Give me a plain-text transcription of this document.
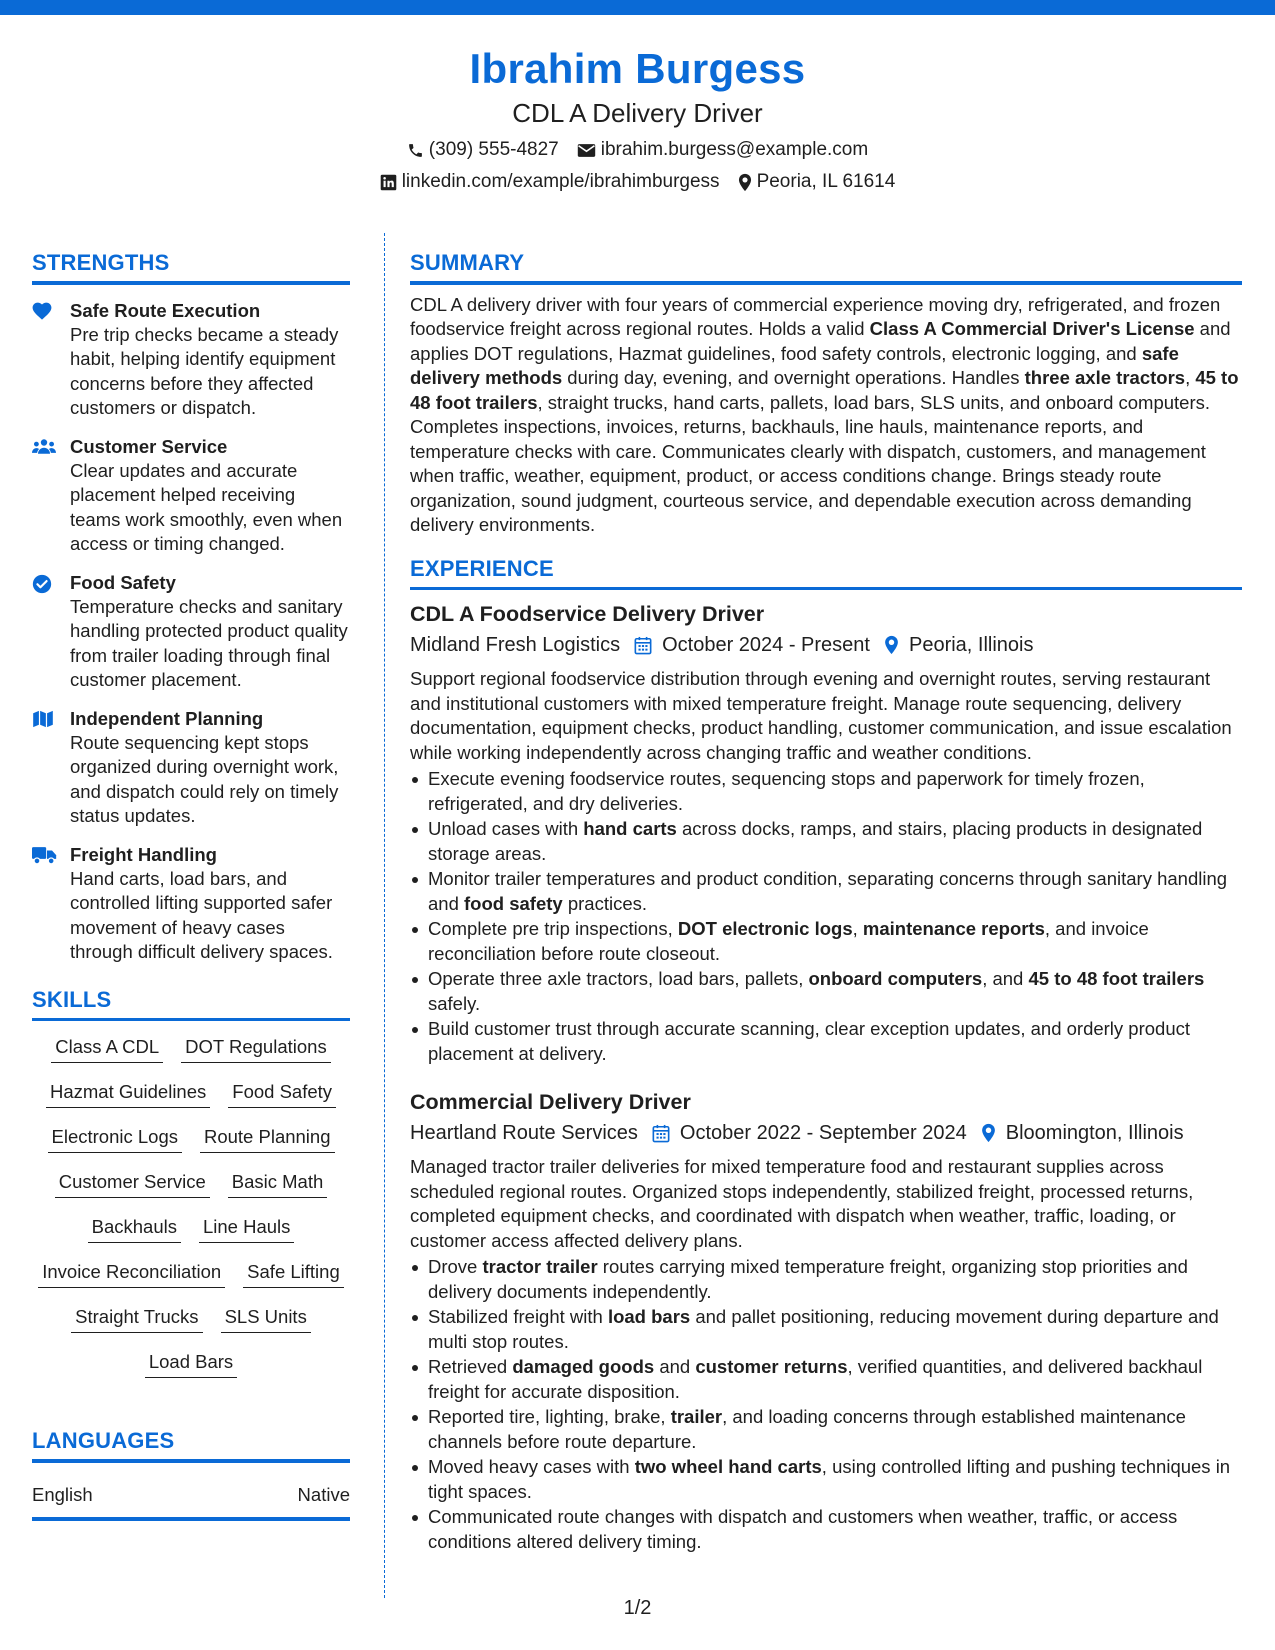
Ibrahim Burgess
CDL A Delivery Driver
(309) 555-4827 ibrahim.burgess@example.com
linkedin.com/example/ibrahimburgess Peoria, IL 61614
STRENGTHS
Safe Route Execution
Pre trip checks became a steady habit, helping identify equipment concerns before they affected customers or dispatch.
Customer Service
Clear updates and accurate placement helped receiving teams work smoothly, even when access or timing changed.
Food Safety
Temperature checks and sanitary handling protected product quality from trailer loading through final customer placement.
Independent Planning
Route sequencing kept stops organized during overnight work, and dispatch could rely on timely status updates.
Freight Handling
Hand carts, load bars, and controlled lifting supported safer movement of heavy cases through difficult delivery spaces.
SKILLS
Class A CDL DOT Regulations
Hazmat Guidelines Food Safety
Electronic Logs Route Planning
Customer Service Basic Math
Backhauls Line Hauls
Invoice Reconciliation Safe Lifting
Straight Trucks SLS Units
Load Bars
LANGUAGES
English	Native
SUMMARY
CDL A delivery driver with four years of commercial experience moving dry, refrigerated, and frozen foodservice freight across regional routes. Holds a valid Class A Commercial Driver's License and applies DOT regulations, Hazmat guidelines, food safety controls, electronic logging, and safe delivery methods during day, evening, and overnight operations. Handles three axle tractors, 45 to 48 foot trailers, straight trucks, hand carts, pallets, load bars, SLS units, and onboard computers. Completes inspections, invoices, returns, backhauls, line hauls, maintenance reports, and temperature checks with care. Communicates clearly with dispatch, customers, and management when traffic, weather, equipment, product, or access conditions change. Brings steady route organization, sound judgment, courteous service, and dependable execution across demanding delivery environments.
EXPERIENCE
CDL A Foodservice Delivery Driver
Midland Fresh Logistics October 2024 - Present Peoria, Illinois
Support regional foodservice distribution through evening and overnight routes, serving restaurant and institutional customers with mixed temperature freight. Manage route sequencing, delivery documentation, equipment checks, product handling, customer communication, and issue escalation while working independently across changing traffic and weather conditions.
Execute evening foodservice routes, sequencing stops and paperwork for timely frozen, refrigerated, and dry deliveries.
Unload cases with hand carts across docks, ramps, and stairs, placing products in designated storage areas.
Monitor trailer temperatures and product condition, separating concerns through sanitary handling and food safety practices.
Complete pre trip inspections, DOT electronic logs, maintenance reports, and invoice reconciliation before route closeout.
Operate three axle tractors, load bars, pallets, onboard computers, and 45 to 48 foot trailers safely.
Build customer trust through accurate scanning, clear exception updates, and orderly product placement at delivery.
Commercial Delivery Driver
Heartland Route Services October 2022 - September 2024 Bloomington, Illinois
Managed tractor trailer deliveries for mixed temperature food and restaurant supplies across scheduled regional routes. Organized stops independently, stabilized freight, processed returns, completed equipment checks, and coordinated with dispatch when weather, traffic, loading, or customer access affected delivery plans.
Drove tractor trailer routes carrying mixed temperature freight, organizing stop priorities and delivery documents independently.
Stabilized freight with load bars and pallet positioning, reducing movement during departure and multi stop routes.
Retrieved damaged goods and customer returns, verified quantities, and delivered backhaul freight for accurate disposition.
Reported tire, lighting, brake, trailer, and loading concerns through established maintenance channels before route departure.
Moved heavy cases with two wheel hand carts, using controlled lifting and pushing techniques in tight spaces.
Communicated route changes with dispatch and customers when weather, traffic, or access conditions altered delivery timing.
1/2
